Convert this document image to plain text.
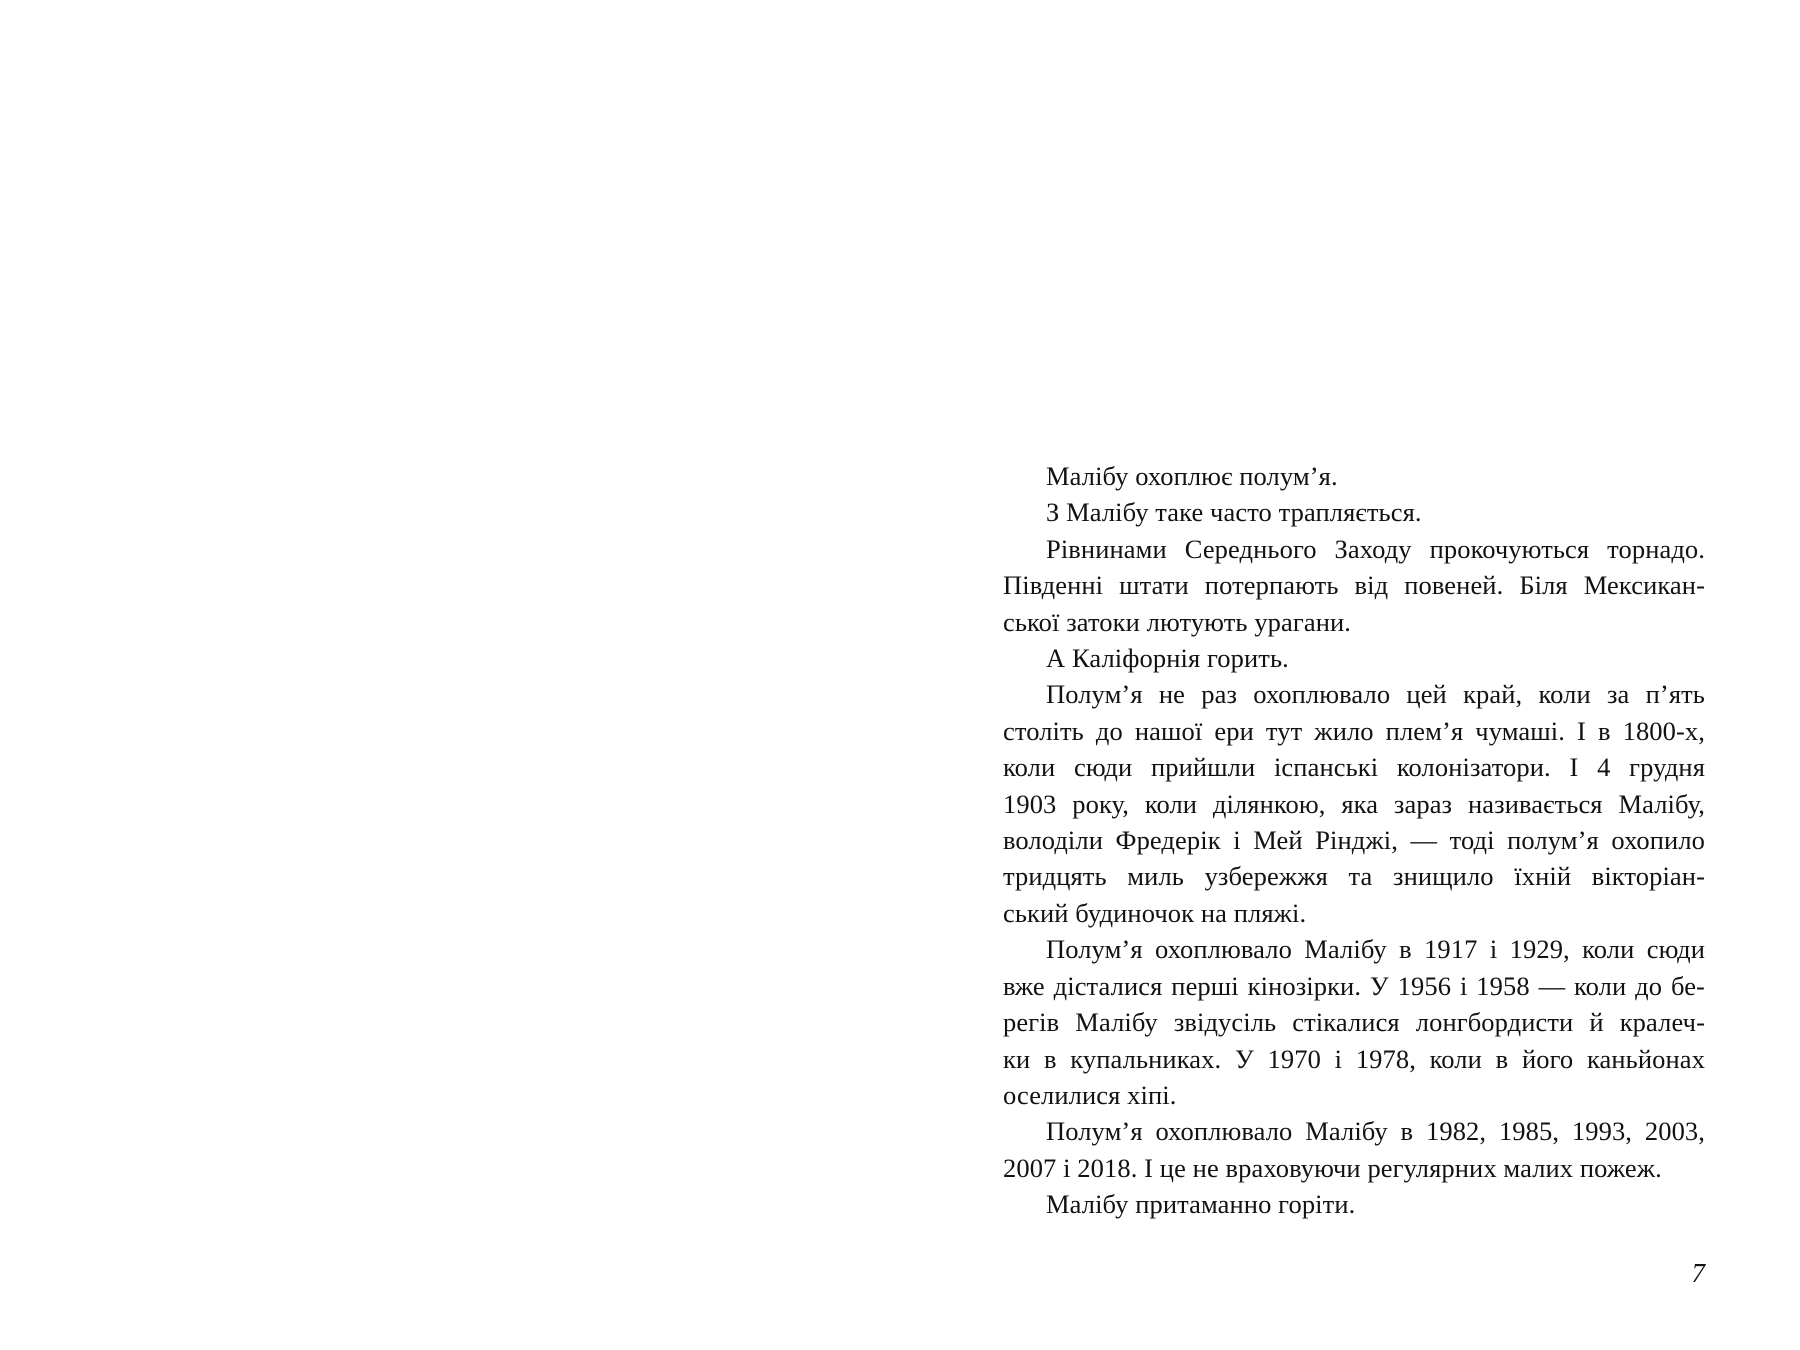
Малібу охоплює полум’я.
З Малібу таке часто трапляється.
Рівнинами Середнього Заходу прокочуються торнадо.
Південні штати потерпають від повеней. Біля Мексикан-
ської затоки лютують урагани.
А Каліфорнія горить.
Полум’я не раз охоплювало цей край, коли за п’ять
століть до нашої ери тут жило плем’я чумаші. І в 1800-х,
коли сюди прийшли іспанські колонізатори. І 4 грудня
1903 року, коли ділянкою, яка зараз називається Малібу,
володіли Фредерік і Мей Рінджі, — тоді полум’я охопило
тридцять миль узбережжя та знищило їхній вікторіан-
ський будиночок на пляжі.
Полум’я охоплювало Малібу в 1917 і 1929, коли сюди
вже дісталися перші кінозірки. У 1956 і 1958 — коли до бе-
регів Малібу звідусіль стікалися лонгбордисти й кралеч-
ки в купальниках. У 1970 і 1978, коли в його каньйонах
оселилися хіпі.
Полум’я охоплювало Малібу в 1982, 1985, 1993, 2003,
2007 і 2018. І це не враховуючи регулярних малих пожеж.
Малібу притаманно горіти.
7
